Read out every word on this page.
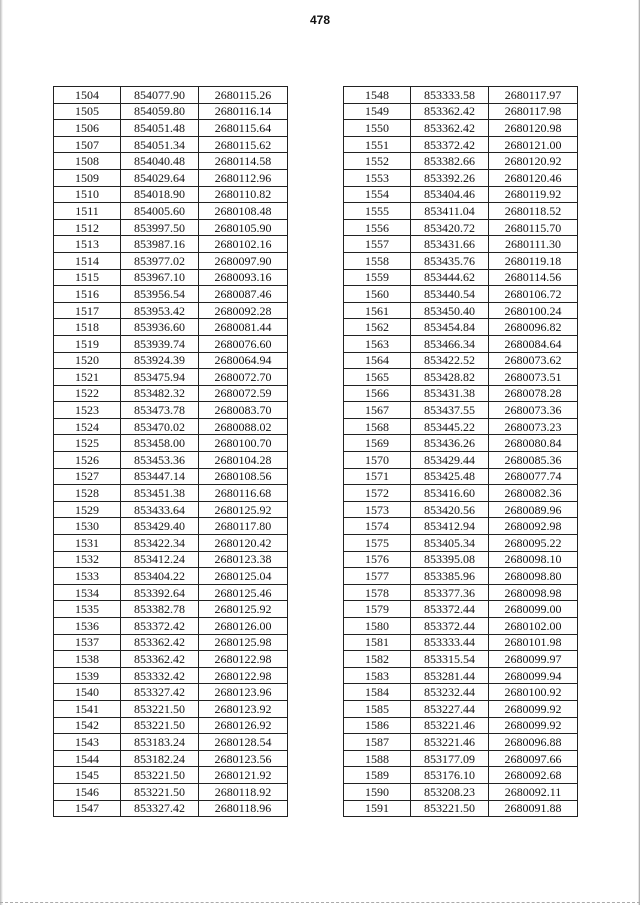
478
1504	854077.90	2680115.26
1505	854059.80	2680116.14
1506	854051.48	2680115.64
1507	854051.34	2680115.62
1508	854040.48	2680114.58
1509	854029.64	2680112.96
1510	854018.90	2680110.82
1511	854005.60	2680108.48
1512	853997.50	2680105.90
1513	853987.16	2680102.16
1514	853977.02	2680097.90
1515	853967.10	2680093.16
1516	853956.54	2680087.46
1517	853953.42	2680092.28
1518	853936.60	2680081.44
1519	853939.74	2680076.60
1520	853924.39	2680064.94
1521	853475.94	2680072.70
1522	853482.32	2680072.59
1523	853473.78	2680083.70
1524	853470.02	2680088.02
1525	853458.00	2680100.70
1526	853453.36	2680104.28
1527	853447.14	2680108.56
1528	853451.38	2680116.68
1529	853433.64	2680125.92
1530	853429.40	2680117.80
1531	853422.34	2680120.42
1532	853412.24	2680123.38
1533	853404.22	2680125.04
1534	853392.64	2680125.46
1535	853382.78	2680125.92
1536	853372.42	2680126.00
1537	853362.42	2680125.98
1538	853362.42	2680122.98
1539	853332.42	2680122.98
1540	853327.42	2680123.96
1541	853221.50	2680123.92
1542	853221.50	2680126.92
1543	853183.24	2680128.54
1544	853182.24	2680123.56
1545	853221.50	2680121.92
1546	853221.50	2680118.92
1547	853327.42	2680118.96
1548	853333.58	2680117.97
1549	853362.42	2680117.98
1550	853362.42	2680120.98
1551	853372.42	2680121.00
1552	853382.66	2680120.92
1553	853392.26	2680120.46
1554	853404.46	2680119.92
1555	853411.04	2680118.52
1556	853420.72	2680115.70
1557	853431.66	2680111.30
1558	853435.76	2680119.18
1559	853444.62	2680114.56
1560	853440.54	2680106.72
1561	853450.40	2680100.24
1562	853454.84	2680096.82
1563	853466.34	2680084.64
1564	853422.52	2680073.62
1565	853428.82	2680073.51
1566	853431.38	2680078.28
1567	853437.55	2680073.36
1568	853445.22	2680073.23
1569	853436.26	2680080.84
1570	853429.44	2680085.36
1571	853425.48	2680077.74
1572	853416.60	2680082.36
1573	853420.56	2680089.96
1574	853412.94	2680092.98
1575	853405.34	2680095.22
1576	853395.08	2680098.10
1577	853385.96	2680098.80
1578	853377.36	2680098.98
1579	853372.44	2680099.00
1580	853372.44	2680102.00
1581	853333.44	2680101.98
1582	853315.54	2680099.97
1583	853281.44	2680099.94
1584	853232.44	2680100.92
1585	853227.44	2680099.92
1586	853221.46	2680099.92
1587	853221.46	2680096.88
1588	853177.09	2680097.66
1589	853176.10	2680092.68
1590	853208.23	2680092.11
1591	853221.50	2680091.88
